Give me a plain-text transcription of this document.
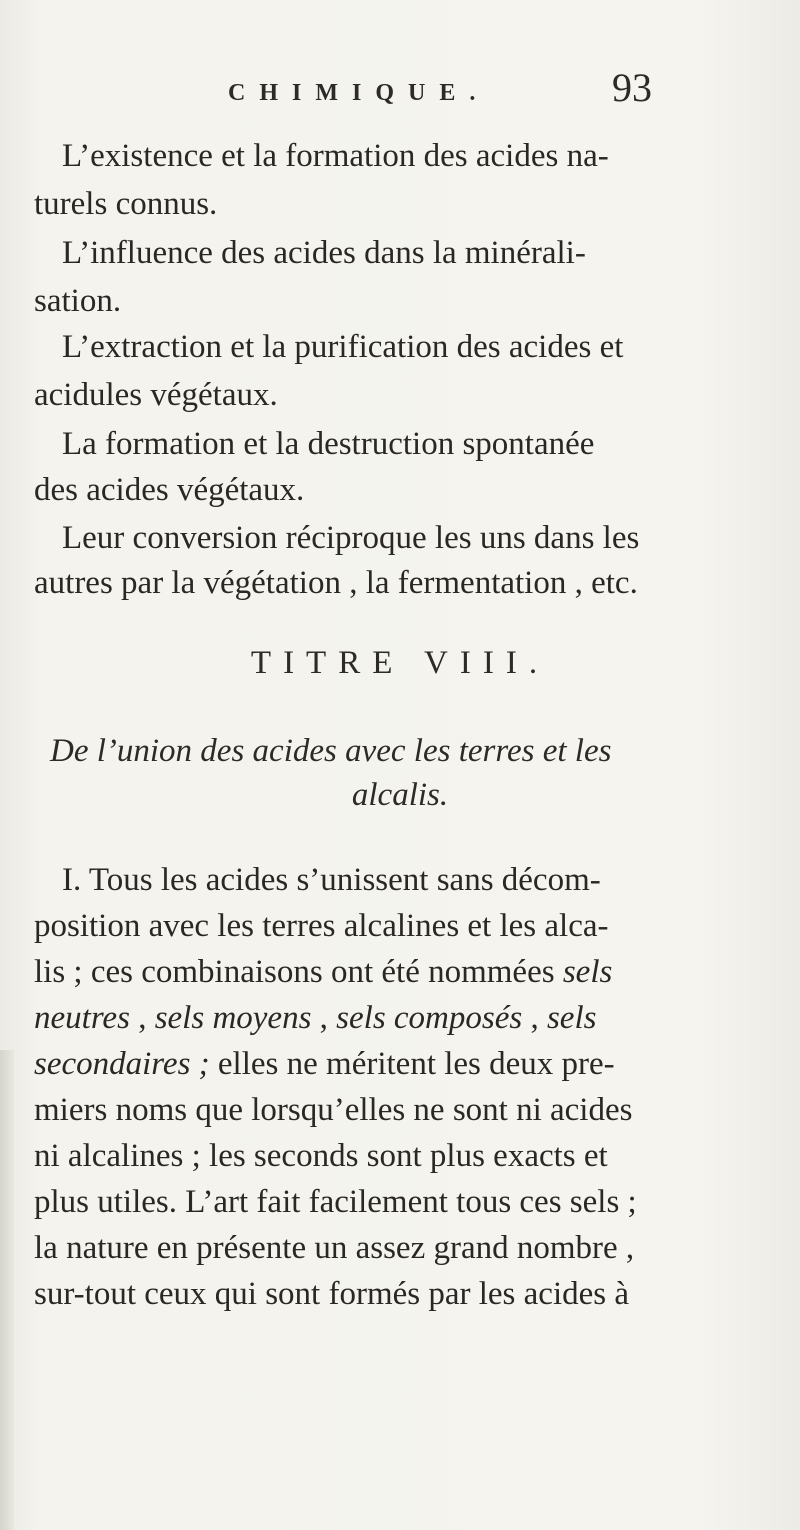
CHIMIQUE.	93
L’existence et la formation des acides na-
turels connus.
L’influence des acides dans la minérali-
sation.
L’extraction et la purification des acides et
acidules végétaux.
La formation et la destruction spontanée
des acides végétaux.
Leur conversion réciproque les uns dans les
autres par la végétation , la fermentation , etc.
TITRE VIII.
De l’union des acides avec les terres et les
alcalis.
I. Tous les acides s’unissent sans décom-
position avec les terres alcalines et les alca-
lis ; ces combinaisons ont été nommées sels
neutres , sels moyens , sels composés , sels
secondaires ; elles ne méritent les deux pre-
miers noms que lorsqu’elles ne sont ni acides
ni alcalines ; les seconds sont plus exacts et
plus utiles. L’art fait facilement tous ces sels ;
la nature en présente un assez grand nombre ,
sur-tout ceux qui sont formés par les acides à
